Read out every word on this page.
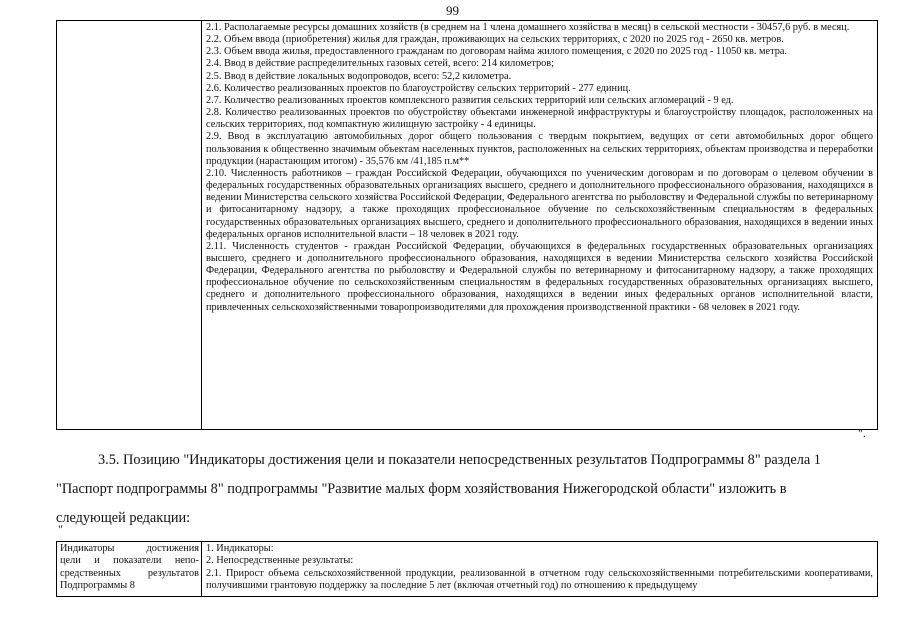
99

2.1. Располагаемые ресурсы домашних хозяйств (в среднем на 1 члена домашнего хозяйства в месяц) в сельской местности - 30457,6 руб. в месяц.

2.2. Объем ввода (приобретения) жилья для граждан, проживающих на сельских территориях, с 2020 по 2025 год - 2650 кв. метров.

2.3. Объем ввода жилья, предоставленного гражданам по договорам найма жилого помещения, с 2020 по 2025 год - 11050 кв. метра.

2.4. Ввод в действие распределительных газовых сетей, всего: 214 километров;

2.5. Ввод в действие локальных водопроводов, всего: 52,2 километра.

2.6. Количество реализованных проектов по благоустройству сельских территорий - 277 единиц.

2.7. Количество реализованных проектов комплексного развития сельских территорий или сельских агломераций - 9 ед.

2.8. Количество реализованных проектов по обустройству объектами инженерной инфраструктуры и благоустройству площадок, расположенных на сельских территориях, под компактную жилищную застройку - 4 единицы.

2.9. Ввод в эксплуатацию автомобильных дорог общего пользования с твердым покрытием, ведущих от сети автомобильных дорог общего пользования к общественно значимым объектам населенных пунктов, расположенных на сельских территориях, объектам производства и переработки продукции (нарастающим итогом) - 35,576 км /41,185 п.м**

2.10. Численность работников – граждан Российской Федерации, обучающихся по ученическим договорам и по договорам о целевом обучении в федеральных государственных образовательных организациях высшего, среднего и дополнительного профессионального образования, находящихся в ведении Министерства сельского хозяйства Российской Федерации, Федерального агентства по рыболовству и Федеральной службы по ветеринарному и фитосанитарному надзору, а также проходящих профессиональное обучение по сельскохозяйственным специальностям в федеральных государственных образовательных организациях высшего, среднего и дополнительного профессионального образования, находящихся в ведении иных федеральных органов исполнительной власти – 18 человек в 2021 году.

2.11. Численность студентов - граждан Российской Федерации, обучающихся в федеральных государственных образовательных организациях высшего, среднего и дополнительного профессионального образования, находящихся в ведении Министерства сельского хозяйства Российской Федерации, Федерального агентства по рыболовству и Федеральной службы по ветеринарному и фитосанитарному надзору, а также проходящих профессиональное обучение по сельскохозяйственным специальностям в федеральных государственных образовательных организациях высшего, среднего и дополнительного профессионального образования, находящихся в ведении иных федеральных органов исполнительной власти, привлеченных сельскохозяйственными товаропроизводителями для прохождения производственной практики - 68 человек в 2021 году.

".
3.5. Позицию "Индикаторы достижения цели и показатели непосредственных результатов Подпрограммы 8" раздела 1
"Паспорт подпрограммы 8" подпрограммы "Развитие малых форм хозяйствования Нижегородской области" изложить в
следующей редакции:
"
Индикаторы достижения
цели и показатели непо-
средственных результатов
Подпрограммы 8

1. Индикаторы:

2. Непосредственные результаты:

2.1. Прирост объема сельскохозяйственной продукции, реализованной в отчетном году сельскохозяйственными потребительскими кооперативами, получившими грантовую поддержку за последние 5 лет (включая отчетный год) по отношению к предыдущему
